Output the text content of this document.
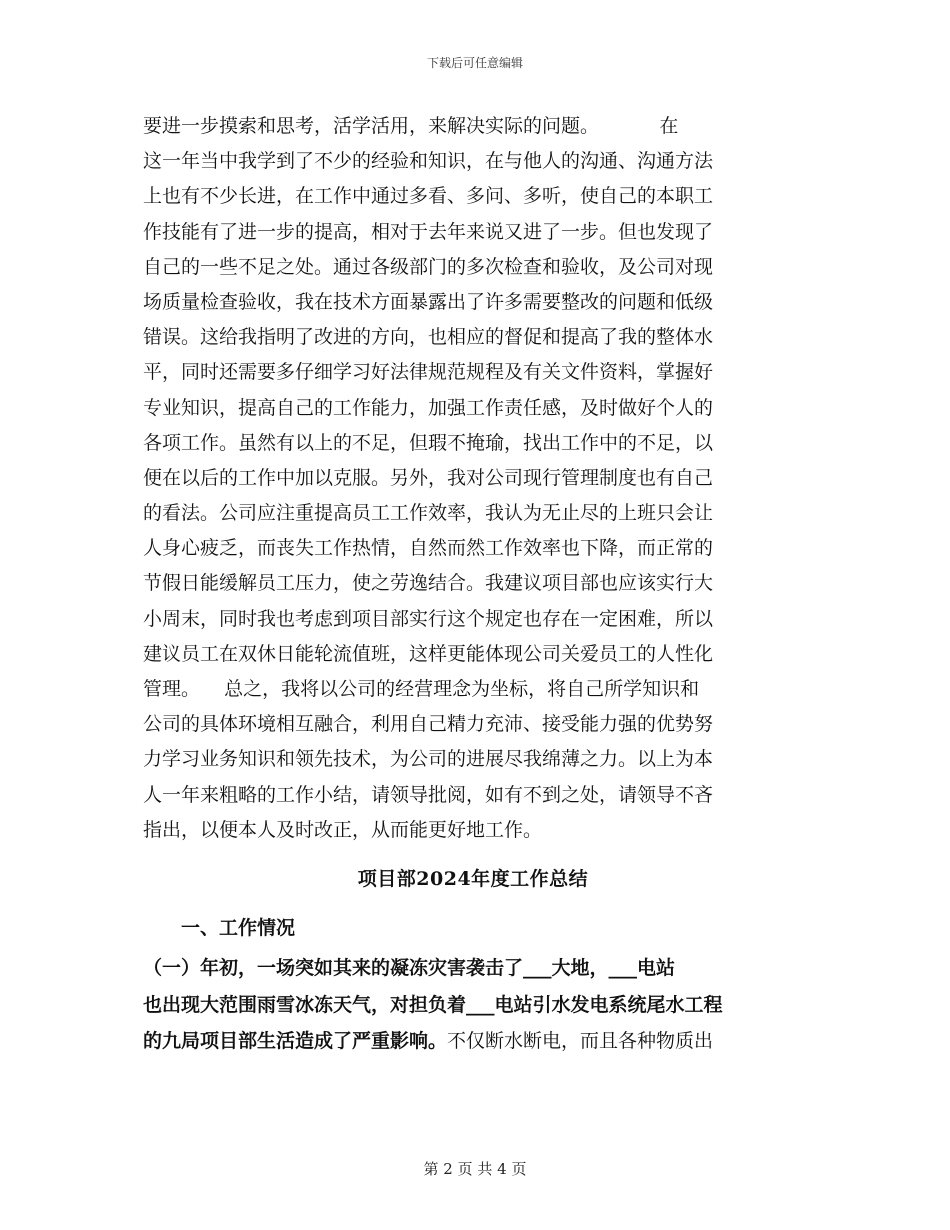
下载后可任意编辑
要进一步摸索和思考，活学活用，来解决实际的问题。          在
这一年当中我学到了不少的经验和知识，在与他人的沟通、沟通方法
上也有不少长进，在工作中通过多看、多问、多听，使自己的本职工
作技能有了进一步的提高，相对于去年来说又进了一步。但也发现了
自己的一些不足之处。通过各级部门的多次检查和验收，及公司对现
场质量检查验收，我在技术方面暴露出了许多需要整改的问题和低级
错误。这给我指明了改进的方向，也相应的督促和提高了我的整体水
平，同时还需要多仔细学习好法律规范规程及有关文件资料，掌握好
专业知识，提高自己的工作能力，加强工作责任感，及时做好个人的
各项工作。虽然有以上的不足，但瑕不掩瑜，找出工作中的不足，以
便在以后的工作中加以克服。另外，我对公司现行管理制度也有自己
的看法。公司应注重提高员工工作效率，我认为无止尽的上班只会让
人身心疲乏，而丧失工作热情，自然而然工作效率也下降，而正常的
节假日能缓解员工压力，使之劳逸结合。我建议项目部也应该实行大
小周末，同时我也考虑到项目部实行这个规定也存在一定困难，所以
建议员工在双休日能轮流值班，这样更能体现公司关爱员工的人性化
管理。    总之，我将以公司的经营理念为坐标，将自己所学知识和
公司的具体环境相互融合，利用自己精力充沛、接受能力强的优势努
力学习业务知识和领先技术，为公司的进展尽我绵薄之力。以上为本
人一年来粗略的工作小结，请领导批阅，如有不到之处，请领导不吝
指出，以便本人及时改正，从而能更好地工作。
项目部2024年度工作总结
一、工作情况
（一）年初，一场突如其来的凝冻灾害袭击了___大地，___电站
也出现大范围雨雪冰冻天气，对担负着___电站引水发电系统尾水工程
的九局项目部生活造成了严重影响。不仅断水断电，而且各种物质出
第 2 页 共 4 页
